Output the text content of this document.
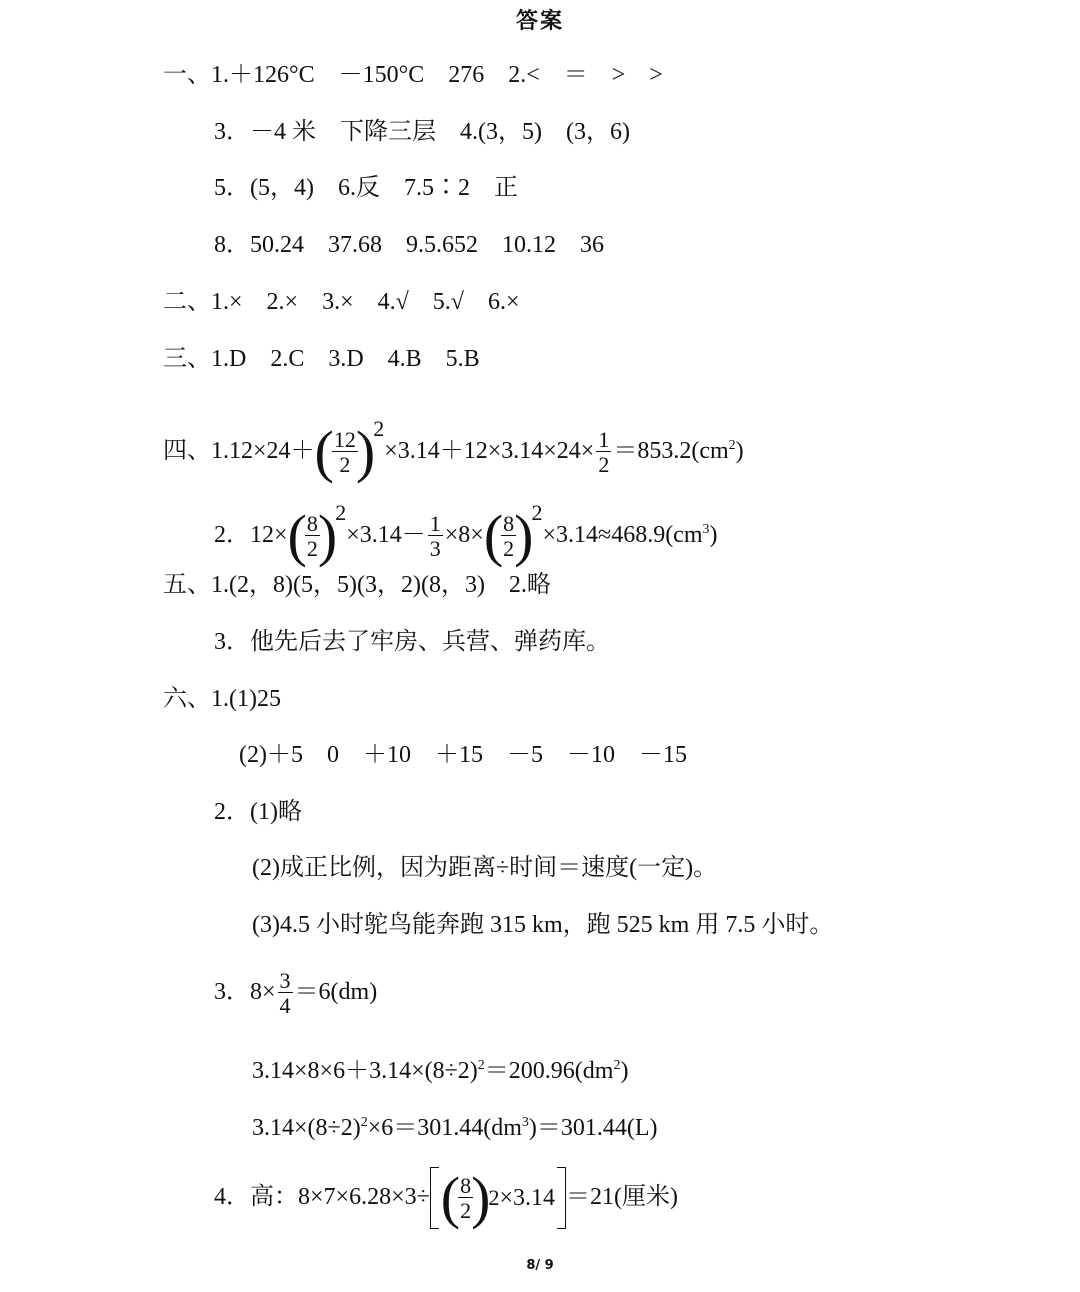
答案
一、1.＋126°C　－150°C　276　2.<　＝　>　>
3．－4 米　下降三层　4.(3，5)　(3，6)
5．(5，4)　6.反　7.5∶2　正
8．50.24　37.68　9.5.652　10.12　36
二、1.×　2.×　3.×　4.√　5.√　6.×
三、1.D　2.C　3.D　4.B　5.B
四、1.12×24＋ (
$\frac{12}{2}$
)
$2\times 3.14+12\times 3.14\times 24\times \frac{1}{2} =853.2(cm^2)$
2．12× (
$\frac{8}{2}$
)
$2\times 3.14- \frac{1}{3} \times 8\times$ (
$\frac{8}{2}$
)
$2\times 3.14\approx 468.9(cm^3)$
五、1.(2，8)(5，5)(3，2)(8，3)　2.略
3．他先后去了牢房、兵营、弹药库。
六、1.(1)25
(2)＋5　0　＋10　＋15　－5　－10　－15
2．(1)略
(2)成正比例，因为距离÷时间＝速度(一定)。
(3)4.5 小时鸵鸟能奔跑 315 km，跑 525 km 用 7.5 小时。
3．$8\times \frac{3}{4} =6(dm)$
$3.14\times 8\times 6+3.14\times(8\div 2)^2=200.96(dm^2)$
$3.14\times(8\div 2)^2\times 6=301.44(dm^3)=301.44(L)$
4．高：8×7×6.28×3÷ (
$\frac{8}{2}$
)
2 ×3.14 ＝21(厘米)
8/ 9
